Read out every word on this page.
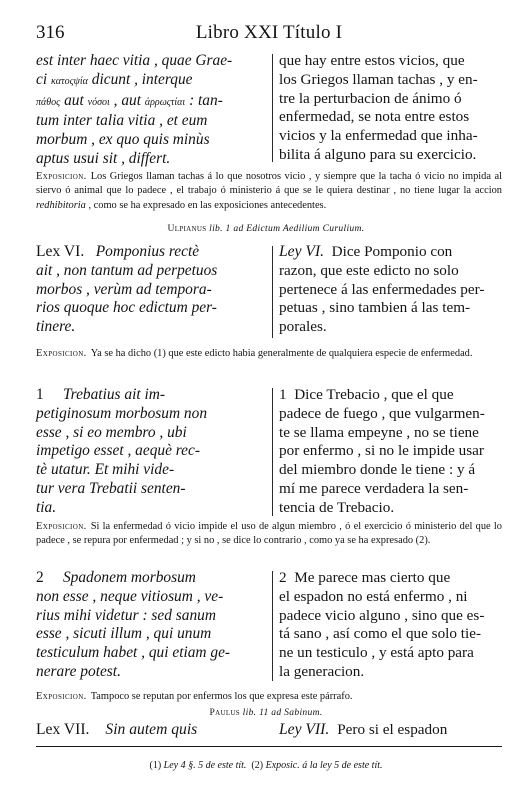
316	Libro XXI Título I
est inter haec vitia , quae Grae-
ci κατοςψία dicunt , interque
πάθος aut νόσοι , aut άρρωςτίαι : tan-
tum inter talia vitia , et eum
morbum , ex quo quis minùs
aptus usui sit , differt.
que hay entre estos vicios, que
los Griegos llaman tachas , y en-
tre la perturbacion de ánimo ó
enfermedad, se nota entre estos
vicios y la enfermedad que inha-
bilita á alguno para su exercicio.
Exposicion. Los Griegos llaman tachas á lo que nosotros vicio , y siempre que la tacha ó vicio no impida al siervo ó animal que lo padece , el trabajo ó ministerio á que se le quiera destinar , no tiene lugar la accion redhibitoria , como se ha expresado en las exposiciones antecedentes.
Ulpianus lib. 1 ad Edictum Aedilium Curulium.
Lex VI. Pomponius rectè
ait , non tantum ad perpetuos
morbos , verùm ad tempora-
rios quoque hoc edictum per-
tinere.
Ley VI. Dice Pomponio con
razon, que este edicto no solo
pertenece á las enfermedades per-
petuas , sino tambien á las tem-
porales.
Exposicion. Ya se ha dicho (1) que este edicto habia generalmente de qualquiera especie de enfermedad.
1 Trebatius ait im-
petiginosum morbosum non
esse , si eo membro , ubi
impetigo esset , aequè rec-
tè utatur. Et mihi vide-
tur vera Trebatii senten-
tia.
1 Dice Trebacio , que el que
padece de fuego , que vulgarmen-
te se llama empeyne , no se tiene
por enfermo , si no le impide usar
del miembro donde le tiene : y á
mí me parece verdadera la sen-
tencia de Trebacio.
Exposicion. Si la enfermedad ó vicio impide el uso de algun miembro , ó el exercicio ó ministerio del que lo padece , se repura por enfermedad ; y si no , se dice lo contrario , como ya se ha expresado (2).
2 Spadonem morbosum
non esse , neque vitiosum , ve-
rius mihi videtur : sed sanum
esse , sicuti illum , qui unum
testiculum habet , qui etiam ge-
nerare potest.
2 Me parece mas cierto que
el espadon no está enfermo , ni
padece vicio alguno , sino que es-
tá sano , así como el que solo tie-
ne un testiculo , y está apto para
la generacion.
Exposicion. Tampoco se reputan por enfermos los que expresa este párrafo.
Paulus lib. 11 ad Sabinum.
Lex VII. Sin autem quis	Ley VII. Pero si el espadon
(1) Ley 4 §. 5 de este tít. (2) Exposic. á la ley 5 de este tít.
